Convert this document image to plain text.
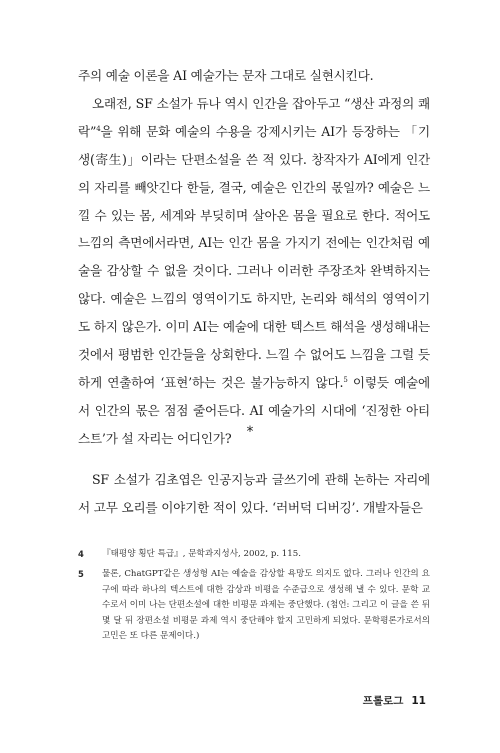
주의 예술 이론을 AI 예술가는 문자 그대로 실현시킨다.

오래전, SF 소설가 듀나 역시 인간을 잡아두고 “생산 과정의 쾌락”$^4$을 위해 문화 예술의 수용을 강제시키는 AI가 등장하는 「기생(寄生)」이라는 단편소설을 쓴 적 있다. 창작자가 AI에게 인간의 자리를 빼앗긴다 한들, 결국, 예술은 인간의 몫일까? 예술은 느낄 수 있는 몸, 세계와 부딪히며 살아온 몸을 필요로 한다. 적어도 느낌의 측면에서라면, AI는 인간 몸을 가지기 전에는 인간처럼 예술을 감상할 수 없을 것이다. 그러나 이러한 주장조차 완벽하지는 않다. 예술은 느낌의 영역이기도 하지만, 논리와 해석의 영역이기도 하지 않은가. 이미 AI는 예술에 대한 텍스트 해석을 생성해내는 것에서 평범한 인간들을 상회한다. 느낄 수 없어도 느낌을 그럴 듯하게 연출하여 ‘표현’하는 것은 불가능하지 않다.$^5$ 이렇듯 예술에서 인간의 몫은 점점 줄어든다. AI 예술가의 시대에 ‘진정한 아티스트’가 설 자리는 어디인가?	*

SF 소설가 김초엽은 인공지능과 글쓰기에 관해 논하는 자리에서 고무 오리를 이야기한 적이 있다. ‘러버덕 디버깅’. 개발자들은

4	『태평양 횡단 특급』, 문학과지성사, 2002, p. 115.
5	물론, ChatGPT같은 생성형 AI는 예술을 감상할 욕망도 의지도 없다. 그러나 인간의 요구에 따라 하나의 텍스트에 대한 감상과 비평을 수준급으로 생성해 낼 수 있다. 문학 교수로서 이미 나는 단편소설에 대한 비평문 과제는 중단했다. (첨언: 그리고 이 글을 쓴 뒤 몇 달 뒤 장편소설 비평문 과제 역시 중단해야 할지 고민하게 되었다. 문학평론가로서의 고민은 또 다른 문제이다.)
프롤로그 11
